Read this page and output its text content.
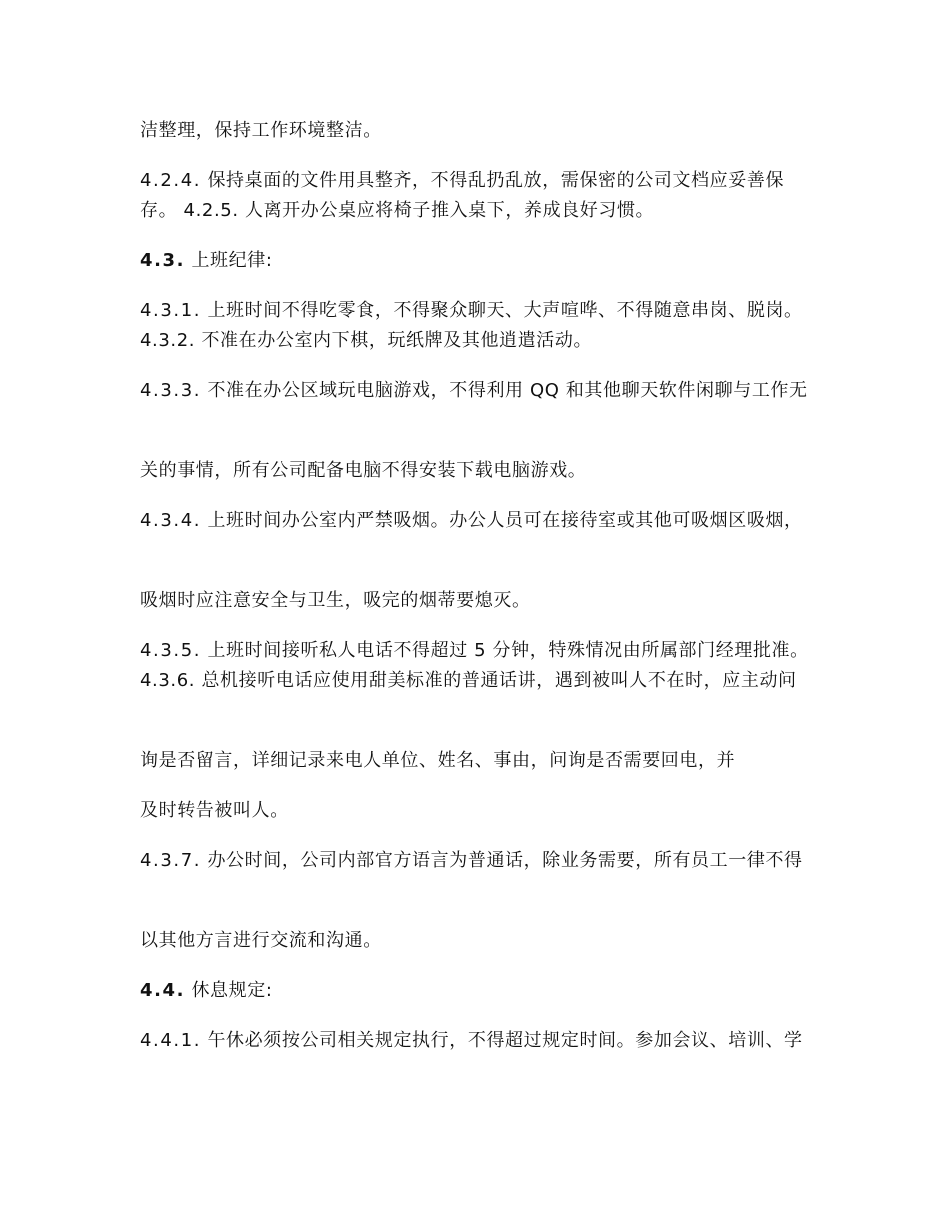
洁整理，保持工作环境整洁。
4.2.4. 保持桌面的文件用具整齐，不得乱扔乱放，需保密的公司文档应妥善保存。 4.2.5. 人离开办公桌应将椅子推入桌下，养成良好习惯。
4.3. 上班纪律:
4.3.1. 上班时间不得吃零食，不得聚众聊天、大声喧哗、不得随意串岗、脱岗。 4.3.2. 不准在办公室内下棋，玩纸牌及其他逍遣活动。
4.3.3. 不准在办公区域玩电脑游戏，不得利用 QQ 和其他聊天软件闲聊与工作无
关的事情，所有公司配备电脑不得安装下载电脑游戏。
4.3.4. 上班时间办公室内严禁吸烟。办公人员可在接待室或其他可吸烟区吸烟，
吸烟时应注意安全与卫生，吸完的烟蒂要熄灭。
4.3.5. 上班时间接听私人电话不得超过 5 分钟，特殊情况由所属部门经理批准。 4.3.6. 总机接听电话应使用甜美标准的普通话讲，遇到被叫人不在时，应主动问
询是否留言，详细记录来电人单位、姓名、事由，问询是否需要回电，并
及时转告被叫人。
4.3.7. 办公时间，公司内部官方语言为普通话，除业务需要，所有员工一律不得
以其他方言进行交流和沟通。
4.4. 休息规定:
4.4.1. 午休必须按公司相关规定执行，不得超过规定时间。参加会议、培训、学
